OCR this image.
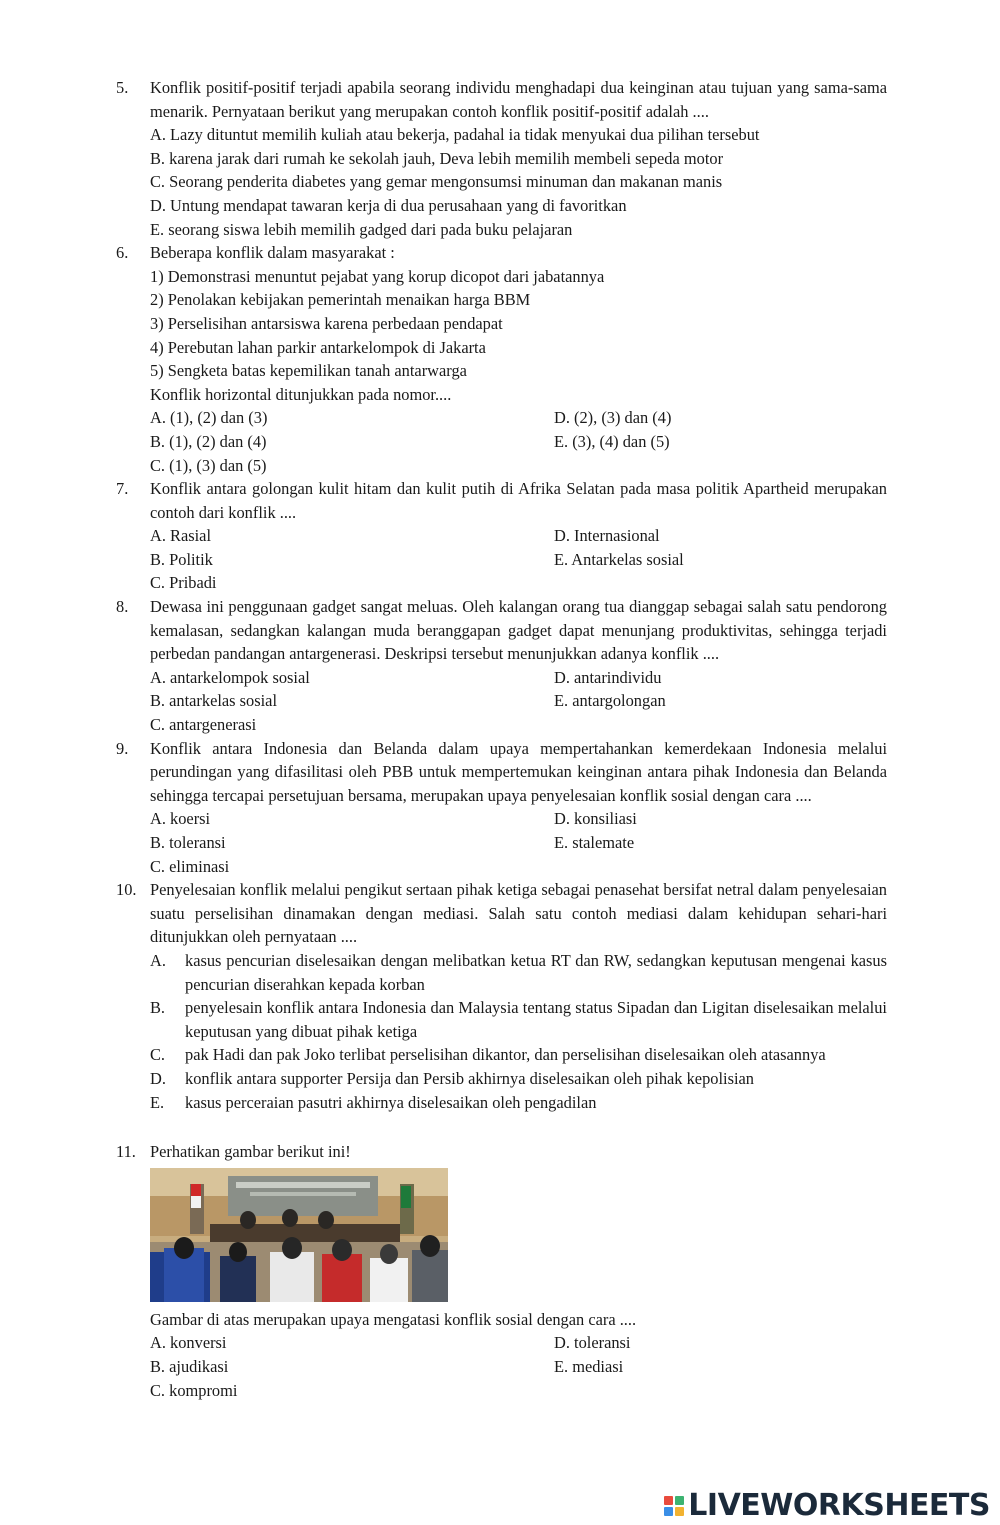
5. Konflik positif-positif terjadi apabila seorang individu menghadapi dua keinginan atau tujuan yang sama-sama menarik. Pernyataan berikut yang merupakan contoh konflik positif-positif adalah ....
A. Lazy dituntut memilih kuliah atau bekerja, padahal ia tidak menyukai dua pilihan tersebut
B. karena jarak dari rumah ke sekolah jauh, Deva lebih memilih membeli sepeda motor
C. Seorang penderita diabetes yang gemar mengonsumsi minuman dan makanan manis
D. Untung mendapat tawaran kerja di dua perusahaan yang di favoritkan
E. seorang siswa lebih memilih gadged dari pada buku pelajaran
6. Beberapa konflik dalam masyarakat :
1) Demonstrasi menuntut pejabat yang korup dicopot dari jabatannya
2) Penolakan kebijakan pemerintah menaikan harga BBM
3) Perselisihan antarsiswa karena perbedaan pendapat
4) Perebutan lahan parkir antarkelompok di Jakarta
5) Sengketa batas kepemilikan tanah antarwarga
Konflik horizontal ditunjukkan pada nomor....
A. (1), (2) dan (3)	D. (2), (3) dan (4)
B. (1), (2) dan (4)	E. (3), (4) dan (5)
C. (1), (3) dan (5)
7. Konflik antara golongan kulit hitam dan kulit putih di Afrika Selatan pada masa politik Apartheid merupakan contoh dari konflik ....
A. Rasial	D. Internasional
B. Politik	E. Antarkelas sosial
C. Pribadi
8. Dewasa ini penggunaan gadget sangat meluas. Oleh kalangan orang tua dianggap sebagai salah satu pendorong kemalasan, sedangkan kalangan muda beranggapan gadget dapat menunjang produktivitas, sehingga terjadi perbedan pandangan antargenerasi. Deskripsi tersebut menunjukkan adanya konflik ....
A. antarkelompok sosial	D. antarindividu
B. antarkelas sosial	E. antargolongan
C. antargenerasi
9. Konflik antara Indonesia dan Belanda dalam upaya mempertahankan kemerdekaan Indonesia melalui perundingan yang difasilitasi oleh PBB untuk mempertemukan keinginan antara pihak Indonesia dan Belanda sehingga tercapai persetujuan bersama, merupakan upaya penyelesaian konflik sosial dengan cara ....
A. koersi	D. konsiliasi
B. toleransi	E. stalemate
C. eliminasi
10. Penyelesaian konflik melalui pengikut sertaan pihak ketiga sebagai penasehat bersifat netral dalam penyelesaian suatu perselisihan dinamakan dengan mediasi. Salah satu contoh mediasi dalam kehidupan sehari-hari ditunjukkan oleh pernyataan ....
A. kasus pencurian diselesaikan dengan melibatkan ketua RT dan RW, sedangkan keputusan mengenai kasus pencurian diserahkan kepada korban
B. penyelesain konflik antara Indonesia dan Malaysia tentang status Sipadan dan Ligitan diselesaikan melalui keputusan yang dibuat pihak ketiga
C. pak Hadi dan pak Joko terlibat perselisihan dikantor, dan perselisihan diselesaikan oleh atasannya
D. konflik antara supporter Persija dan Persib akhirnya diselesaikan oleh pihak kepolisian
E. kasus perceraian pasutri akhirnya diselesaikan oleh pengadilan
11. Perhatikan gambar berikut ini!
Gambar di atas merupakan upaya mengatasi konflik sosial dengan cara ....
A. konversi	D. toleransi
B. ajudikasi	E. mediasi
C. kompromi
LIVEWORKSHEETS
